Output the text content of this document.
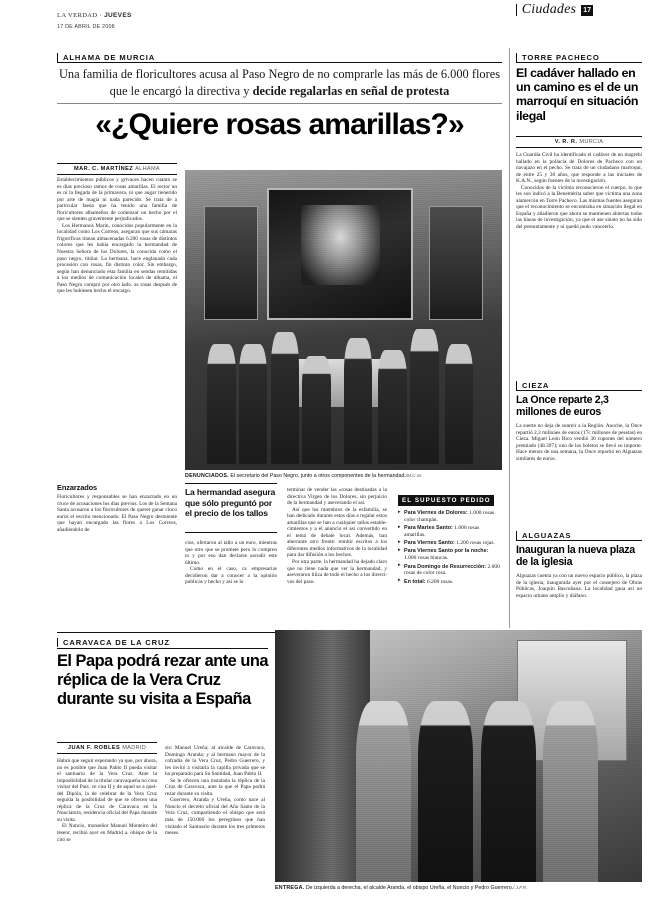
LA VERDAD · JUEVES
17 DE ABRIL DE 2008
Ciudades 17
ALHAMA DE MURCIA
Una familia de floricultores acusa al Paso Negro de no comprarle las más de 6.000 flores que le encargó la directiva y decide regalarlas en señal de protesta
«¿Quiere rosas amarillas?»
MAR. C. MARTÍNEZ ALHAMA

Establecimientos públicos y grivaces hacen cuanto se es días precioso ramos de rosas amarillas. El rector un es ni la llegada de la primavera, ni que augar tienerido por arte de magia ni nada parecido. Se trata de a particular faena que ha tenido una familia de floricultores alhameños de comenzar un hecho por el que se sienten gravemente perjudicados.

Los Hermanos Marín, conocidos popularmente en la localidad como Los Correos, aseguran que sus cámaras frigoríficas tínean almacenadas 6.200 rosas de distintos colores que les había encargado la hermandad de Nuestra Señora de los Dolores, la conocida como el paso negro, titúlar. La hermana. hace englanada cada procesión con rosas, fin distinto color. Sin embargo, según han denunciado esta familia en sendas remitidas a los medios de comunicación locales de alhama, el Paso Negro compró por otro lado. as rosas después de que les hubiesen hecho el encargo.

Enzarzados

Floricultores y responsables se han enzarzado en un cruce de acusaciones los días previos. Los de la Semana Santa acusaron a los floricultores de querer ganar cinco euros el escrito mencionado. El Paso Negro desmiente que hayan encargado las flores a Los Correos, añadiéndolo de

DENUNCIADOS. El secretario del Paso Negro, junto a otros componentes de la hermandad./M.C.M.
La hermandad asegura que sólo preguntó por el precio de los tallos

cios, ofertaron al tallo a un euro, mientras que otro que se promete pero lo compren to y por eso dan declarse sacudir este último.

Como en el caso, ca empresarias decidieron dar a conocer a la opinión publicas y hecho y así se lo

terminar de vender las «rosas destinadas a la directiva Virgen de los Dolores, sin perjuicio de la hermandad y aseverando el así.

Así que los miembros de la esfamilia, se han dedicado durante estos días a regalar estos amarillas que se han a cualquier tallos establecimientos y a el anuncio el así convertido en el tema de debate local. Además, han aberrante otro frente: remitir escritos a los diferentes medios informativos de la localidad para dar difusión a los hechos.

Por otra parte, la hermandad ha dejado claro que no tiene nada que ver la hermandad, y aseveraron liliza de todo el hecho a los directivos del paso.

EL SUPUESTO PEDIDO
▸ Para Viernes de Dolores: 1.000 rosas color champán.
▸ Para Martes Santo: 1.000 rosas amarillas.
▸ Para Viernes Santo: 1.200 rosas rojas.
▸ Para Viernes Santo por la noche: 1.000 rosas blancas.
▸ Para Domingo de Resurrección: 2.000 rosas de color rosa.
▸ En total: 6.200 rosas.
TORRE PACHECO
El cadáver hallado en un camino es el de un marroquí en situación ilegal
V. R. R. MURCIA

La Guardia Civil ha identificado el cadáver de un magrebí hallado en la pollacía de Dolores de Pacheco con un navajazo en el pecho. Se trata de un ciudadano marroquí, de entre 25 y 30 años, que responde a las iniciales de K.A.N., según fuentes de la investigación.

Conocidos de la víctima reconocieron el cuerpo, lo que les son indicó a la Benemérita saber que víctima una zona alamercón en Torre Pacheco. Las mismas fuentes aseguran que el reconocimiento se encontraba en situación ilegal en España y añadieron que ahora se mantienen abiertas todas las líneas de investigación, ya que el ase sinato no ha sido del presuntamente y ni quedó pudo vanceerlo.

CIEZA
La Once reparte 2,3 millones de euros

La suerte no deja de sonreír a la Región. Anoche, la Once repartió 2,3 millones de euros (17c millones de pesetas) en Cieza. Miguel León Rico vendió 30 cupones del número premiado (48.397); uno de los boletos se llevó su importe. Hace menos de una semana, la Once repartió en Alguazas similares de euros.

ALGUAZAS
Inauguran la nueva plaza de la iglesia

Alguazas cuenta ya con un nuevo espacio público, la plaza de la iglesia, inaugurada ayer por el consejero de Obras Públicas, Joaquín Bascuñana. La localidad gana así un espacio urbano amplio y diáfano.

CARAVACA DE LA CRUZ
El Papa podrá rezar ante una réplica de la Vera Cruz durante su visita a España
JUAN F. ROBLES MADRID

Habrá que seguir esperando ya que, por ahora, no es posible que Juan Pablo II pueda visitar el santuario de la Vera Cruz. Ante la imposibilidad de la titular caravaqueña no crea visitar del País. ve cisa II y de aquel se a quel del Dipóla, la de celebrar de la Vera Cruz seguida la posibilidad de que se ofrecen una réplica de la Cruz de Caravaca en la Nunciatura, residencia oficial del Papa durante su visita.

El Nuncio, monseñor Manuel Monteiro del tésenr, recibió ayer en Madrid a. obispo de la citó se

sis: Manuel Ureña; al alcalde de Caravaca, Domingo Aranda; y al hermano mayor de la cofradía de la Vera Cruz, Pedro Guerrero, y les invitó a visitarla la capilla privada que se ha preparado para Su Santidad, Juan Pablo II.

Se le ofrecen una instalada la réplica de la Cruz de Caravaca, ante la que el Papa podrá rezar durante su visita.

Guerrero, Aranda y Ureña, como nace al Nuncio el decreto oficial del Año Santo de la Vera Cruz, compartiendo el obispo que será más de 150.000 los peregrinos que han visitado el Santuario durante los tres primeros meses.

ENTREGA. De izquierda a derecha, el alcalde Aranda, el obispo Ureña, el Nuncio y Pedro Guerrero./ J.F.R.
